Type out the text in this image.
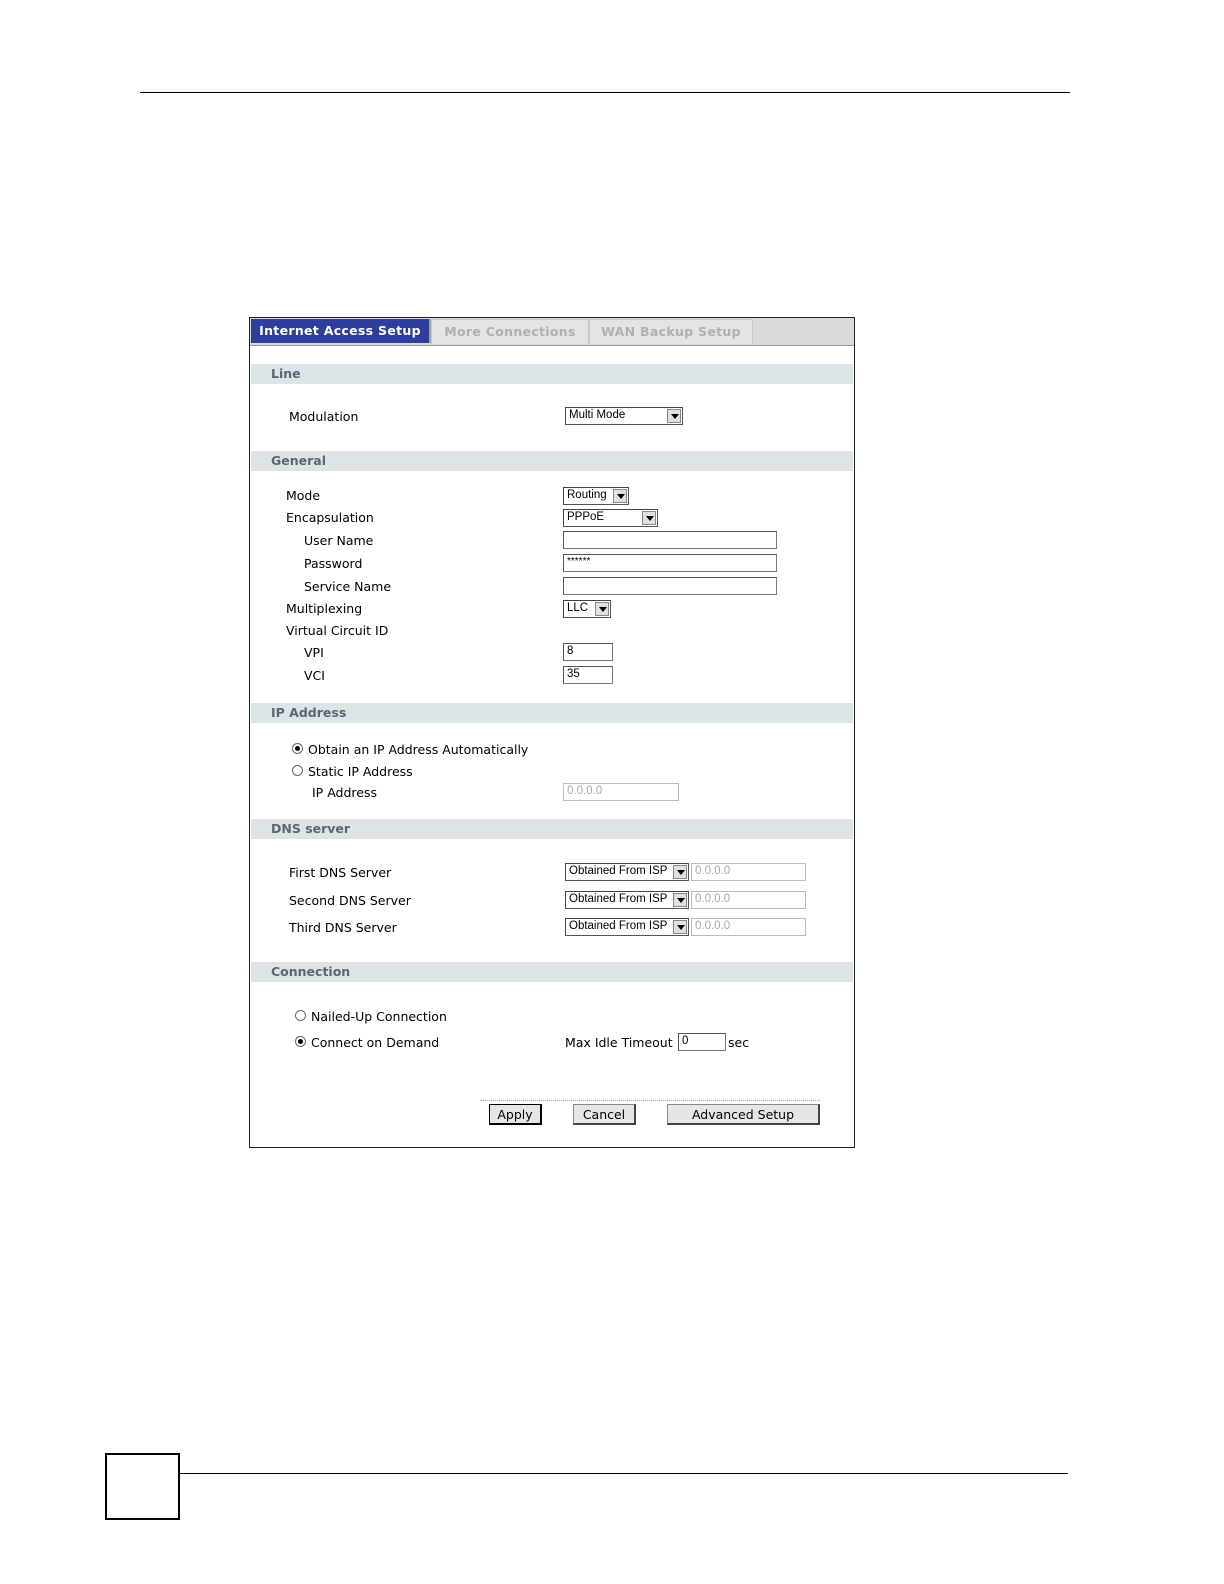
Internet Access Setup	More Connections	WAN Backup Setup
Line
Modulation	Multi Mode
General
Mode	Routing
Encapsulation	PPPoE
User Name
Password	******
Service Name
Multiplexing	LLC
Virtual Circuit ID
VPI	8
VCI	35
IP Address
Obtain an IP Address Automatically
Static IP Address
IP Address	0.0.0.0
DNS server
First DNS Server	Obtained From ISP	0.0.0.0
Second DNS Server	Obtained From ISP	0.0.0.0
Third DNS Server	Obtained From ISP	0.0.0.0
Connection
Nailed-Up Connection
Connect on Demand	Max Idle Timeout 0	sec
Apply	Cancel	Advanced Setup
